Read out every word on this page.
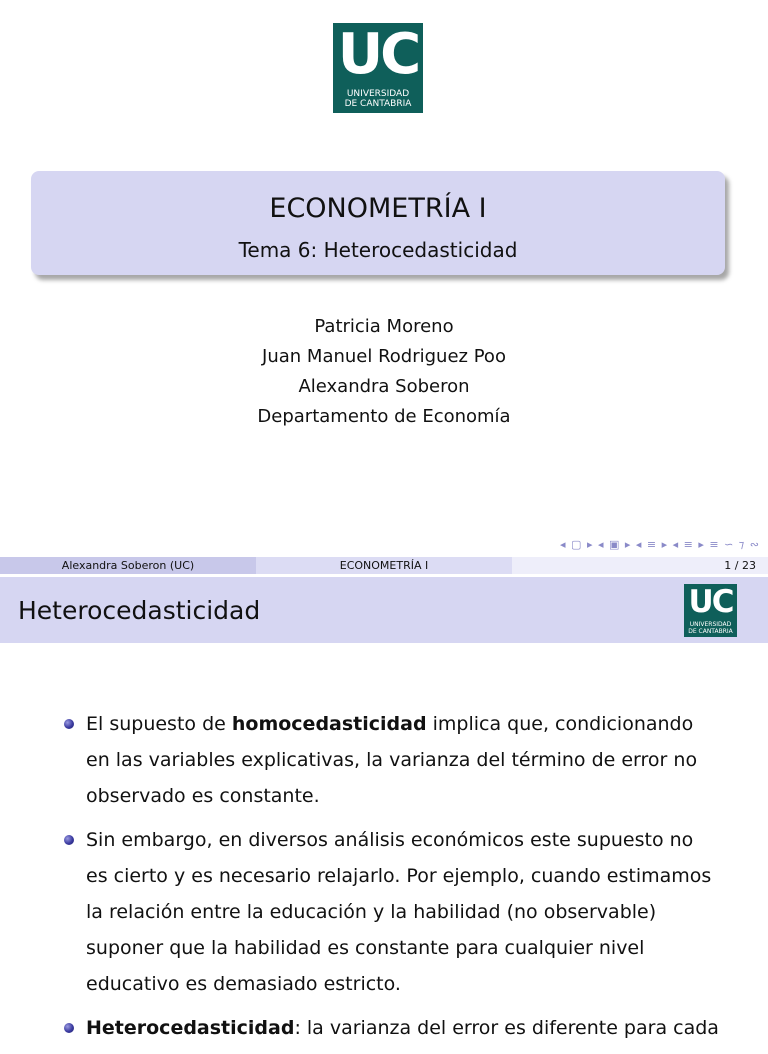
UC
UNIVERSIDAD
DE CANTABRIA
ECONOMETRÍA I
Tema 6: Heterocedasticidad
Patricia Moreno
Juan Manuel Rodriguez Poo
Alexandra Soberon
Departamento de Economía
◂ ▢ ▸ ◂ ▣ ▸ ◂ ≡ ▸ ◂ ≡ ▸ ≡ ∽ ⁊ ∾
Alexandra Soberon (UC)	ECONOMETRÍA I	1 / 23
Heterocedasticidad	UC
UNIVERSIDAD
DE CANTABRIA
El supuesto de homocedasticidad implica que, condicionando en las variables explicativas, la varianza del término de error no observado es constante.
Sin embargo, en diversos análisis económicos este supuesto no es cierto y es necesario relajarlo. Por ejemplo, cuando estimamos la relación entre la educación y la habilidad (no observable) suponer que la habilidad es constante para cualquier nivel educativo es demasiado estricto.
Heterocedasticidad: la varianza del error es diferente para cada
